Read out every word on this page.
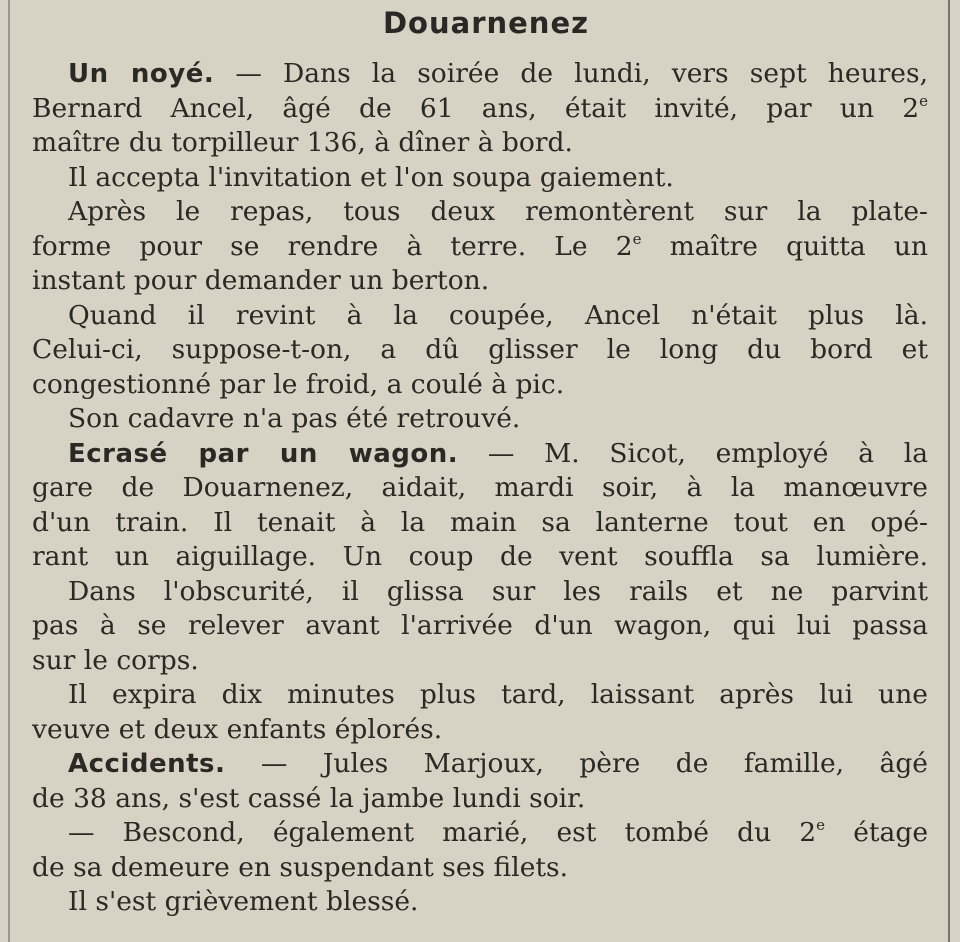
Douarnenez
Un noyé. — Dans la soirée de lundi, vers sept heures,
Bernard Ancel, âgé de 61 ans, était invité, par un 2e
maître du torpilleur 136, à dîner à bord.
Il accepta l'invitation et l'on soupa gaiement.
Après le repas, tous deux remontèrent sur la plate-
forme pour se rendre à terre. Le 2e maître quitta un
instant pour demander un berton.
Quand il revint à la coupée, Ancel n'était plus là.
Celui-ci, suppose-t-on, a dû glisser le long du bord et
congestionné par le froid, a coulé à pic.
Son cadavre n'a pas été retrouvé.
Ecrasé par un wagon. — M. Sicot, employé à la
gare de Douarnenez, aidait, mardi soir, à la manœuvre
d'un train. Il tenait à la main sa lanterne tout en opé-
rant un aiguillage. Un coup de vent souffla sa lumière.
Dans l'obscurité, il glissa sur les rails et ne parvint
pas à se relever avant l'arrivée d'un wagon, qui lui passa
sur le corps.
Il expira dix minutes plus tard, laissant après lui une
veuve et deux enfants éplorés.
Accidents. — Jules Marjoux, père de famille, âgé
de 38 ans, s'est cassé la jambe lundi soir.
— Bescond, également marié, est tombé du 2e étage
de sa demeure en suspendant ses filets.
Il s'est grièvement blessé.
